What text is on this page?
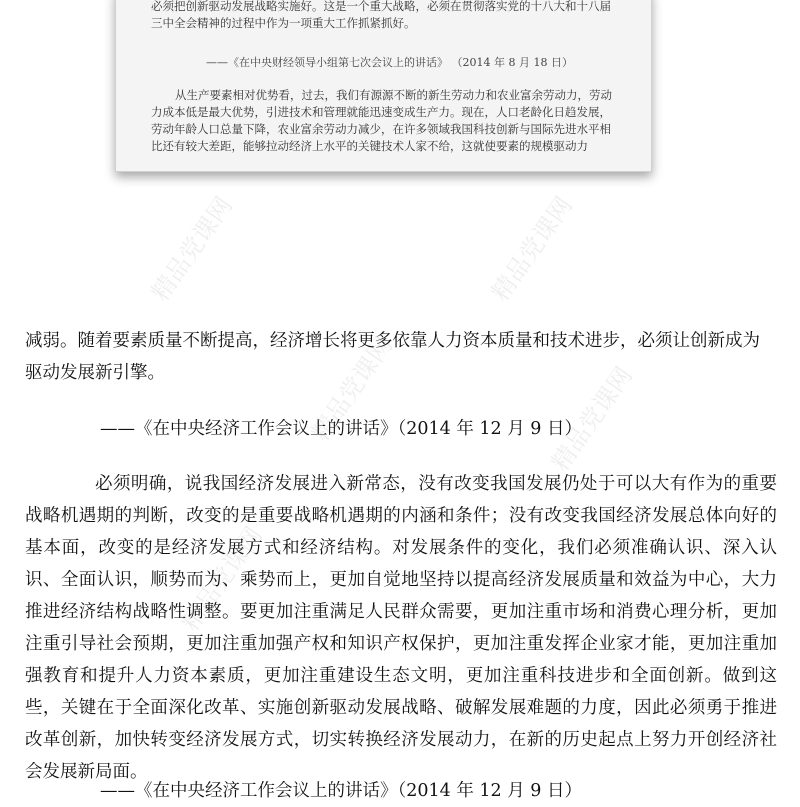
必须把创新驱动发展战略实施好。这是一个重大战略，必须在贯彻落实党的十八大和十八届三中全会精神的过程中作为一项重大工作抓紧抓好。
——《在中央财经领导小组第七次会议上的讲话》 （2014 年 8 月 18 日）
从生产要素相对优势看，过去，我们有源源不断的新生劳动力和农业富余劳动力，劳动力成本低是最大优势，引进技术和管理就能迅速变成生产力。现在，人口老龄化日趋发展，劳动年龄人口总量下降，农业富余劳动力减少，在许多领域我国科技创新与国际先进水平相比还有较大差距，能够拉动经济上水平的关键技术人家不给，这就使要素的规模驱动力
精品党课网	精品党课网
精品党课网	精品党课网
精品党课网
减弱。随着要素质量不断提高，经济增长将更多依靠人力资本质量和技术进步，必须让创新成为驱动发展新引擎。
——《在中央经济工作会议上的讲话》（2014 年 12 月 9 日）
必须明确，说我国经济发展进入新常态，没有改变我国发展仍处于可以大有作为的重要战略机遇期的判断，改变的是重要战略机遇期的内涵和条件；没有改变我国经济发展总体向好的基本面，改变的是经济发展方式和经济结构。对发展条件的变化，我们必须准确认识、深入认识、全面认识，顺势而为、乘势而上，更加自觉地坚持以提高经济发展质量和效益为中心，大力推进经济结构战略性调整。要更加注重满足人民群众需要，更加注重市场和消费心理分析，更加注重引导社会预期，更加注重加强产权和知识产权保护，更加注重发挥企业家才能，更加注重加强教育和提升人力资本素质，更加注重建设生态文明，更加注重科技进步和全面创新。做到这些，关键在于全面深化改革、实施创新驱动发展战略、破解发展难题的力度，因此必须勇于推进改革创新，加快转变经济发展方式，切实转换经济发展动力，在新的历史起点上努力开创经济社会发展新局面。
——《在中央经济工作会议上的讲话》（2014 年 12 月 9 日）
